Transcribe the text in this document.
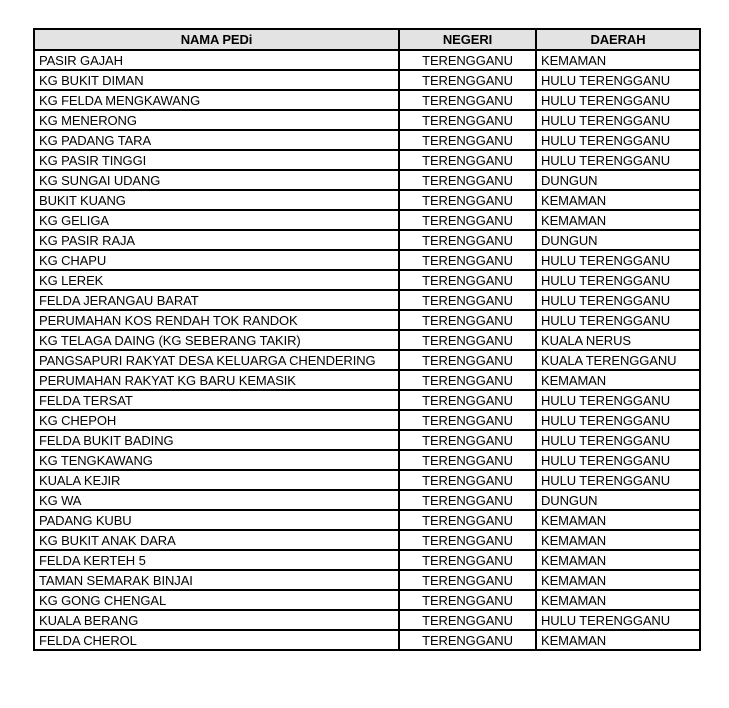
NAMA PEDi	NEGERI	DAERAH
PASIR GAJAH	TERENGGANU	KEMAMAN
KG BUKIT DIMAN	TERENGGANU	HULU TERENGGANU
KG FELDA MENGKAWANG	TERENGGANU	HULU TERENGGANU
KG MENERONG	TERENGGANU	HULU TERENGGANU
KG PADANG TARA	TERENGGANU	HULU TERENGGANU
KG PASIR TINGGI	TERENGGANU	HULU TERENGGANU
KG SUNGAI UDANG	TERENGGANU	DUNGUN
BUKIT KUANG	TERENGGANU	KEMAMAN
KG GELIGA	TERENGGANU	KEMAMAN
KG PASIR RAJA	TERENGGANU	DUNGUN
KG CHAPU	TERENGGANU	HULU TERENGGANU
KG LEREK	TERENGGANU	HULU TERENGGANU
FELDA JERANGAU BARAT	TERENGGANU	HULU TERENGGANU
PERUMAHAN KOS RENDAH TOK RANDOK	TERENGGANU	HULU TERENGGANU
KG TELAGA DAING (KG SEBERANG TAKIR)	TERENGGANU	KUALA NERUS
PANGSAPURI RAKYAT DESA KELUARGA CHENDERING	TERENGGANU	KUALA TERENGGANU
PERUMAHAN RAKYAT KG BARU KEMASIK	TERENGGANU	KEMAMAN
FELDA TERSAT	TERENGGANU	HULU TERENGGANU
KG CHEPOH	TERENGGANU	HULU TERENGGANU
FELDA BUKIT BADING	TERENGGANU	HULU TERENGGANU
KG TENGKAWANG	TERENGGANU	HULU TERENGGANU
KUALA KEJIR	TERENGGANU	HULU TERENGGANU
KG WA	TERENGGANU	DUNGUN
PADANG KUBU	TERENGGANU	KEMAMAN
KG BUKIT ANAK DARA	TERENGGANU	KEMAMAN
FELDA KERTEH 5	TERENGGANU	KEMAMAN
TAMAN SEMARAK BINJAI	TERENGGANU	KEMAMAN
KG GONG CHENGAL	TERENGGANU	KEMAMAN
KUALA BERANG	TERENGGANU	HULU TERENGGANU
FELDA CHEROL	TERENGGANU	KEMAMAN
